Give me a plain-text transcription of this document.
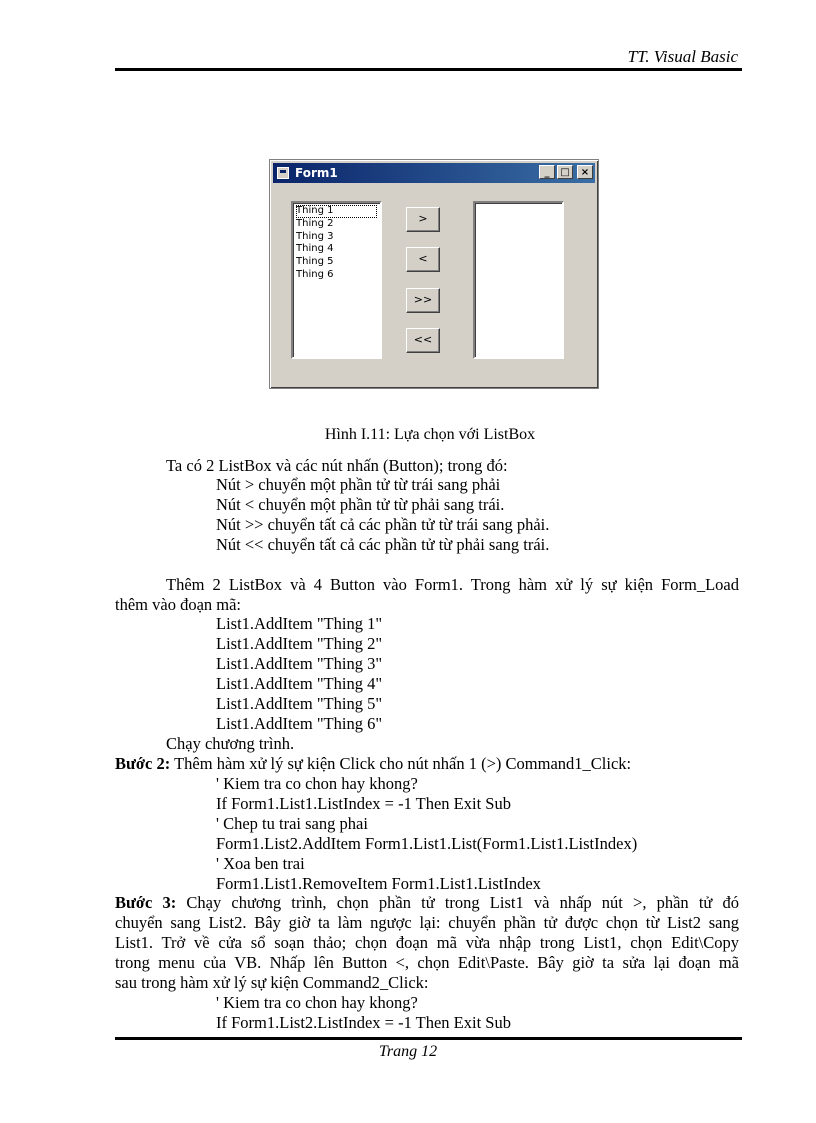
TT. Visual Basic
Form1	_	□	×
Thing 1
Thing 2
Thing 3
Thing 4
Thing 5
Thing 6
>
<
>>
<<
Hình I.11: Lựa chọn với ListBox
Ta có 2 ListBox và các nút nhấn (Button); trong đó:
Nút > chuyển một phần tử từ trái sang phải
Nút < chuyển một phần tử từ phải sang trái.
Nút >> chuyển tất cả các phần tử từ trái sang phải.
Nút << chuyển tất cả các phần tử từ phải sang trái.
Thêm 2 ListBox và 4 Button vào Form1. Trong hàm xử lý sự kiện Form_Load
thêm vào đoạn mã:
List1.AddItem "Thing 1"
List1.AddItem "Thing 2"
List1.AddItem "Thing 3"
List1.AddItem "Thing 4"
List1.AddItem "Thing 5"
List1.AddItem "Thing 6"
Chạy chương trình.
Bước 2: Thêm hàm xử lý sự kiện Click cho nút nhấn 1 (>) Command1_Click:
' Kiem tra co chon hay khong?
If Form1.List1.ListIndex = -1 Then Exit Sub
' Chep tu trai sang phai
Form1.List2.AddItem Form1.List1.List(Form1.List1.ListIndex)
' Xoa ben trai
Form1.List1.RemoveItem Form1.List1.ListIndex
Bước 3: Chạy chương trình, chọn phần tử trong List1 và nhấp nút >, phần tử đó
chuyển sang List2. Bây giờ ta làm ngược lại: chuyển phần tử được chọn từ List2 sang
List1. Trở về cửa sổ soạn thảo; chọn đoạn mã vừa nhập trong List1, chọn Edit\Copy
trong menu của VB. Nhấp lên Button <, chọn Edit\Paste. Bây giờ ta sửa lại đoạn mã
sau trong hàm xử lý sự kiện Command2_Click:
' Kiem tra co chon hay khong?
If Form1.List2.ListIndex = -1 Then Exit Sub
Trang 12
